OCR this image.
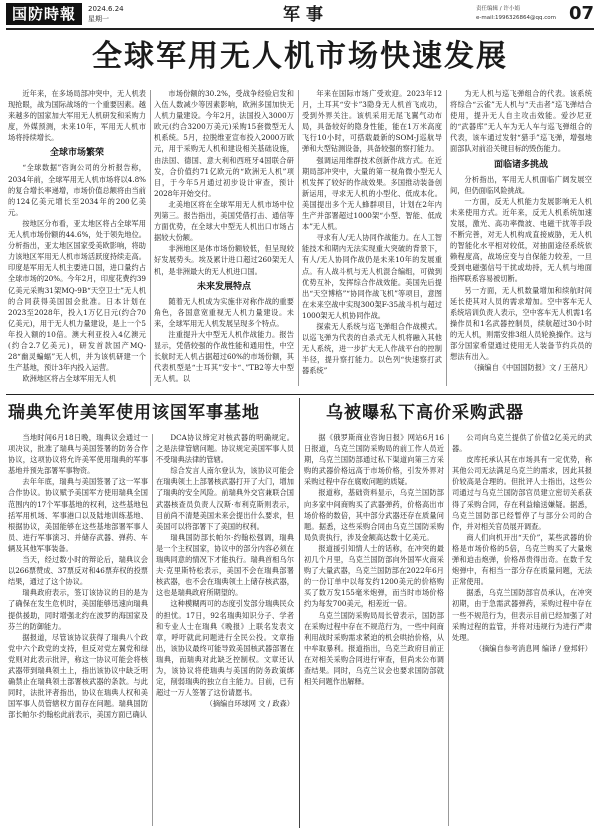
国防時報	2024.6.24
星期一	军事	责任编辑 / 许小娟
e-mail:1996326864@qq.com 07
全球军用无人机市场快速发展

近年来，在多场局部冲突中，无人机表现抢眼，战为国际战场的一个重要因素。越来越多的国家加大军用无人机研发和采购力度，外媒预测，未来10年，军用无人机市场将持续增长。

全球市场繁荣

“全球数据”咨询公司的分析报告称，2034年前，全球军用无人机市场将以4.8%的复合增长率递增，市场价值总额将由当前的124亿美元增长至2034年的200亿美元。

按地区分布看，亚太地区将占全球军用无人机市场份额的44.6%，处于领先地位。分析指出，亚太地区国家受美欧影响，将助力该地区军用无人机市场活跃度持续走高。印度是军用无人机主要进口国，进口量约占全球市场的20%。今年2月，印度花费约39亿美元采购31架MQ-9B“天空卫士”无人机的合同获得美国国会批准。日本计划在2023至2028年，投入1万亿日元(约合70亿美元)，用于无人机力量建设，是上一个5年投入额的10倍。澳大利亚投入4亿澳元(约合2.7亿美元)，研发首款国产MQ-28“幽灵蝙蝠”无人机，并为该机研建一个生产基地，预计3年内投入运营。

欧洲地区将占全球军用无人机

市场份额的30.2%，受战争经验启发和入伍人数减少等因素影响，欧洲多国加快无人机力量建设。今年2月，法国投入3000万欧元(约合3200万美元)采购15套微型无人机系统。5月，拉脱维亚宣布投入2000万欧元，用于采购无人机和建设相关基础设施，由法国、德国、意大利和西班牙4国联合研发，合价值约71亿欧元的“欧洲无人机”项目，于今年5月通过初步设计审查，预计2028年开始交付。

北美地区将在全球军用无人机市场中位列第三。报告指出，美国凭借打击、通信等方面优势，在全球大中型无人机出口市场占据较大份额。

非洲地区是体市场份额较低，但呈现较好发展势头。埃及累计进口超过260架无人机，是非洲最大的无人机进口国。

未来发展特点

随着无人机成为实施非对称作战的重要角色，各国意宽重视无人机力量建设。未来，全球军用无人机发展呈现多个特点。

注重提升大中型无人机作战能力。报告显示，凭借较强的作战性能和通用性，中空长航时无人机占据超过60%的市场份额，其代表机型是“士耳其”安卡“、”TB2等大中型无人机。以

年来在国际市场广受欢迎。2023年12月，土耳其“安卡”3隐身无人机首飞成功，受到外界关注。该机采用无尾飞翼气动布局，具备较好的隐身性能，能在1万米高度飞行10小时，可搭载最新的SOM-J巡航导弹和大型钻测设备，具备较强的察打能力。

强调运用维群技术创新作战方式。在近期局部冲突中，大量的第一视角微小型无人机发挥了较好的作战效果。多国推动装备创新运用，寻求无人机的小型化、低成本化。美国提出多个无人蜂群项目，计划在2年内生产并部署超过1000架“小型、智能、低成本”无人机。

寻求有人/无人协同作战能力。在人工智能技术和期内无法实现重大突破的背景下，有人/无人协同作战仍是未来10年的发展重点。有人战斗机与无人机混合编组，可做到优势互补，发挥综合作战效能。美国先后提出“天空博格”“协同作战飞机”等项目，意图在未来空战中实现300架F-35战斗机与超过1000架无人机协同作战。

探索无人系统与巡飞弹组合作战模式。以巡飞弹为代表的自杀式无人机将融入其他无人系统，进一步扩大无人作战平台的控制半径，提升察打能力。以色列“快速察打武器系统”

为无人机与巡飞弹组合的代表。该系统将综合“云雀”无人机与“天击者”巡飞弹结合使用，提升无人自主攻击效能。爱沙尼亚的“武器库”无人车为无人车与巡飞弹组合的代表，该车通过发射“猎手”巡飞弹，增强地面部队对前沿关键目标的毁伤能力。

面临诸多挑战

分析指出，军用无人机面临广阔发展空间，但仍面临风险挑战。

一方面，反无人机能力发展影响无人机未来使用方式。近年来，反无人机系统加速发展，激光、高功率微波、电磁干扰等手段不断完善，对无人机构成直接威胁，无人机的智能化水平相对较低，对抽面途径系统依赖程度高，战场应变与自保能力较差，一旦受到电磁强信号干扰或劫持，无人机与地面指挥联系容易被切断。

另一方面，无人机数量增加和续航时间延长使其对人员的需求增加。空中客车无人系统培训负责人表示，空中客车无人机需1名操作员和1名武器控制员，续航超过30小时的无人机，则需安排3组人员轮换操作。这与部分国家希望通过使用无人装备节约兵员的想法有出入。

（摘编自《中国国防报》文 / 王蓓凡）

瑞典允许美军使用该国军事基地

当地时间6月18日晚，瑞典议会通过一项决议，批准了瑞典与美国签署的防务合作协议，这项协议将允许美军使用瑞典的军事基地并预先部署军事物资。

去年年底，瑞典与美国签署了这一军事合作协议。协议赋予美国军方使用瑞典全国范围内的17个军事基地的权利，这些基地包括军用机场、军事港口以及陆地训练基地、根据协议，美国能够在这些基地部署军事人员、进行军事演习、并储存武器、弹药、车辆及其他军事装备。

当天，经过数小时的辩论后，瑞典议会以266票赞成、37票反对和46票弃权的投票结果，通过了这个协议。

瑞典政府表示，签订该协议的目的是为了确保在发生危机时，美国能够迅速向瑞典提供援助，同时增强北约在波罗的海国家及芬兰的防御能力。

据报道，尽管该协议获得了瑞典八个政党中六个政党的支持，但反对党左翼党和绿党则对此表示批评，称这一协议可能会将核武器带到瑞典领土上，指出该协议中缺乏明确禁止在瑞典领土部署核武器的条款。与此同时，法批评者指出，协议在瑞典人权和美国军事人员管辖权方面存在问题。瑞典国防部长帕尔·约翰松此前表示，美国方面已确认

DCA协议缔定对核武器的明确规定。之是法律管辖问题。协议规定美国军事人员不受瑞典法律的管辖。

综合发言人南尔登认为，该协议可能会在瑞典领土上部署核武器打开了大门，增加了瑞典的安全风险。前瑞典外交官兼联合国武器核查员负责人汉斯·布利克斯则表示，目前尚不清楚美国未来会提出什么要求，但美国可以将部署下了美国的权利。

瑞典国防部长帕尔·约翰松强调，瑞典是一个主权国家，协议中的部分内容必须在瑞典同意的情况下才能执行。瑞典首相乌尔夫·克里斯特松表示，美国不会在瑞典部署核武器，也不会在瑞典领土上储存核武器，这也是瑞典政府所期望的。

这种模糊两可的态度引发部分瑞典民众的担忧。17日，92名瑞典知识分子、学者和专业人士在瑞典《晚报》上联名发表文章，呼吁就此问题进行全民公投。文章指出，该协议最终可能导致美国核武器部署在瑞典，而瑞典对此缺乏控制权。文章还认为，该协议将使瑞典与美国的防务政策绑定，削弱瑞典的独立自主能力。目前，已有超过一万人签署了这份请愿书。

（摘编自环球网 文 / 政森）

乌被曝私下高价采购武器

据《俄罗斯商业咨询日报》网站6月16日报道，乌克兰国防采购局的前工作人员近期，乌克兰国防部通过私下渠道向第三方采购的武器价格远高于市场价格，引发外界对采购过程中存在腐败问题的质疑。

报道称，基础资料显示，乌克兰国防部向多家中间商购买了武器弹药，价格高出市场价格的数倍，其中部分武器还存在质量问题。据悉，这些采购合同由乌克兰国防采购局负责执行，涉及金额高达数十亿美元。

报道援引知情人士的话称，在冲突的最初几个月里，乌克兰国防部向外国军火商采购了大量武器，乌克兰国防部在2022年6月的一份订单中以每发约1200美元的价格购买了数万发155毫米炮弹，而当时市场价格约为每发700美元，相差近一倍。

乌克兰国防采购局局长曾表示，国防部在采购过程中存在不规范行为，一些中间商利用战时采购需求紧迫的机会哄抬价格，从中牟取暴利。报道指出，乌克兰政府目前正在对相关采购合同进行审查，但尚未公布调查结果。同时，乌克兰议会也要求国防部就相关问题作出解释。

公司向乌克兰提供了价值2亿美元的武器。

皮库托承认其在市场具有一定优势，称其他公司无法满足乌克兰的需求，因此其报价较高是合理的。但批评人士指出，这些公司通过与乌克兰国防部官员建立密切关系获得了采购合同，存在利益输送嫌疑。据悉，乌克兰国防部已经暂停了与部分公司的合作，并对相关官员展开调查。

商人们向机开出“天价”，某些武器的价格是市场价格的5倍，乌克兰购买了大量炮弹和迫击炮弹，价格昂贵得出奇。在数千发炮弹中，有相当一部分存在质量问题，无法正常使用。

据悉，乌克兰国防部官员承认，在冲突初期，由于急需武器弹药，采购过程中存在一些不规范行为，但表示目前已经加强了对采购过程的监管，并将对违规行为进行严肃处理。

（摘编自参考消息网 编译 / 登邦轩）
